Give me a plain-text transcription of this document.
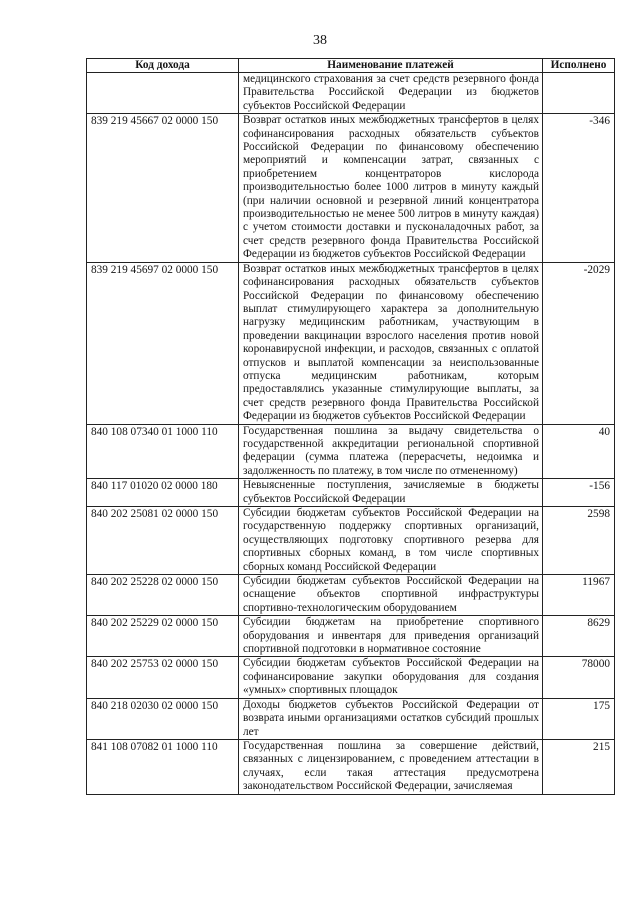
38
Код дохода	Наименование платежей	Исполнено
	медицинского страхования за счет средств резервного фонда Правительства Российской Федерации из бюджетов субъектов Российской Федерации	
839 219 45667 02 0000 150	Возврат остатков иных межбюджетных трансфертов в целях софинансирования расходных обязательств субъектов Российской Федерации по финансовому обеспечению мероприятий и компенсации затрат, связанных с приобретением концентраторов кислорода производительностью более 1000 литров в минуту каждый (при наличии основной и резервной линий концентратора производительностью не менее 500 литров в минуту каждая) с учетом стоимости доставки и пусконаладочных работ, за счет средств резервного фонда Правительства Российской Федерации из бюджетов субъектов Российской Федерации	-346
839 219 45697 02 0000 150	Возврат остатков иных межбюджетных трансфертов в целях софинансирования расходных обязательств субъектов Российской Федерации по финансовому обеспечению выплат стимулирующего характера за дополнительную нагрузку медицинским работникам, участвующим в проведении вакцинации взрослого населения против новой коронавирусной инфекции, и расходов, связанных с оплатой отпусков и выплатой компенсации за неиспользованные отпуска медицинским работникам, которым предоставлялись указанные стимулирующие выплаты, за счет средств резервного фонда Правительства Российской Федерации из бюджетов субъектов Российской Федерации	-2029
840 108 07340 01 1000 110	Государственная пошлина за выдачу свидетельства о государственной аккредитации региональной спортивной федерации (сумма платежа (перерасчеты, недоимка и задолженность по платежу, в том числе по отмененному)	40
840 117 01020 02 0000 180	Невыясненные поступления, зачисляемые в бюджеты субъектов Российской Федерации	-156
840 202 25081 02 0000 150	Субсидии бюджетам субъектов Российской Федерации на государственную поддержку спортивных организаций, осуществляющих подготовку спортивного резерва для спортивных сборных команд, в том числе спортивных сборных команд Российской Федерации	2598
840 202 25228 02 0000 150	Субсидии бюджетам субъектов Российской Федерации на оснащение объектов спортивной инфраструктуры спортивно-технологическим оборудованием	11967
840 202 25229 02 0000 150	Субсидии бюджетам на приобретение спортивного оборудования и инвентаря для приведения организаций спортивной подготовки в нормативное состояние	8629
840 202 25753 02 0000 150	Субсидии бюджетам субъектов Российской Федерации на софинансирование закупки оборудования для создания «умных» спортивных площадок	78000
840 218 02030 02 0000 150	Доходы бюджетов субъектов Российской Федерации от возврата иными организациями остатков субсидий прошлых лет	175
841 108 07082 01 1000 110	Государственная пошлина за совершение действий, связанных с лицензированием, с проведением аттестации в случаях, если такая аттестация предусмотрена законодательством Российской Федерации, зачисляемая	215
